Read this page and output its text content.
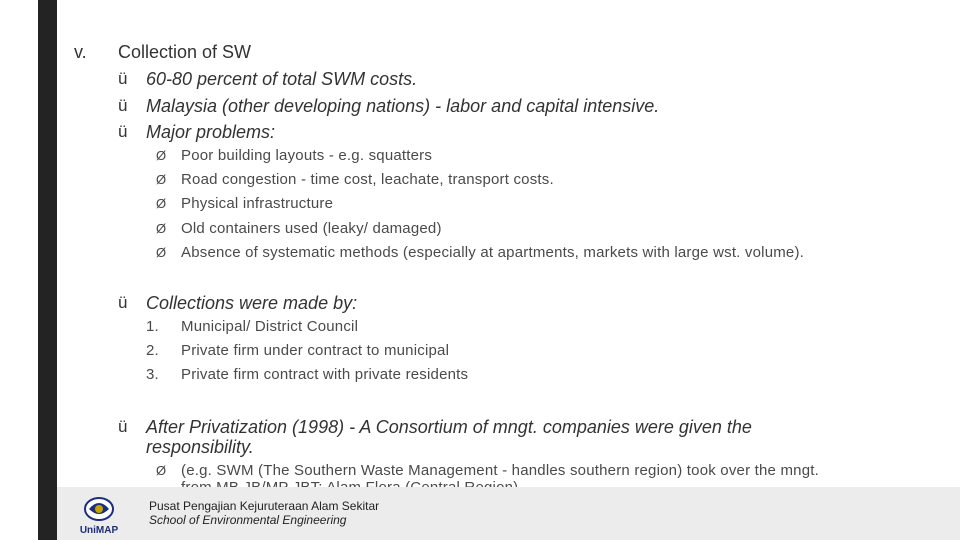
v. Collection of SW
ü 60-80 percent of total SWM costs.
ü Malaysia (other developing nations) - labor and capital intensive.
ü Major problems:
Ø Poor building layouts - e.g. squatters
Ø Road congestion - time cost, leachate, transport costs.
Ø Physical infrastructure
Ø Old containers used (leaky/ damaged)
Ø Absence of systematic methods (especially at apartments, markets with large wst. volume).
ü Collections were made by:
1. Municipal/ District Council
2. Private firm under contract to municipal
3. Private firm contract with private residents
ü After Privatization (1998) - A Consortium of mngt. companies were given the
responsibility.
Ø (e.g. SWM (The Southern Waste Management - handles southern region) took over the mngt.
UniMAP
Pusat Pengajian Kejuruteraan Alam Sekitar
School of Environmental Engineering
